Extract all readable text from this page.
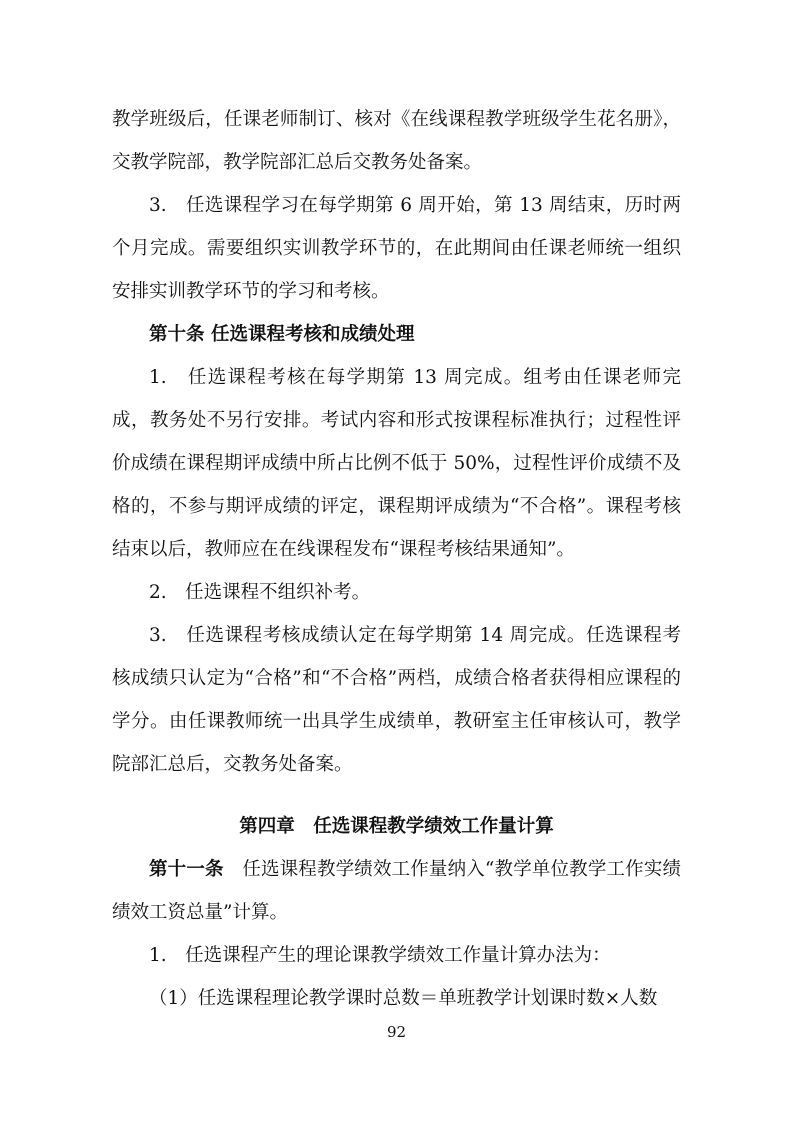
教学班级后，任课老师制订、核对《在线课程教学班级学生花名册》，交教学院部，教学院部汇总后交教务处备案。
3.　任选课程学习在每学期第 6 周开始，第 13 周结束，历时两个月完成。需要组织实训教学环节的，在此期间由任课老师统一组织安排实训教学环节的学习和考核。
第十条 任选课程考核和成绩处理
1.　任选课程考核在每学期第 13 周完成。组考由任课老师完成，教务处不另行安排。考试内容和形式按课程标准执行；过程性评价成绩在课程期评成绩中所占比例不低于 50%，过程性评价成绩不及格的，不参与期评成绩的评定，课程期评成绩为“不合格”。课程考核结束以后，教师应在在线课程发布“课程考核结果通知”。
2.　任选课程不组织补考。
3.　任选课程考核成绩认定在每学期第 14 周完成。任选课程考核成绩只认定为“合格”和“不合格”两档，成绩合格者获得相应课程的学分。由任课教师统一出具学生成绩单，教研室主任审核认可，教学院部汇总后，交教务处备案。
第四章　任选课程教学绩效工作量计算
第十一条　任选课程教学绩效工作量纳入“教学单位教学工作实绩绩效工资总量”计算。
1.　任选课程产生的理论课教学绩效工作量计算办法为：
（1）任选课程理论教学课时总数＝单班教学计划课时数×人数
92
